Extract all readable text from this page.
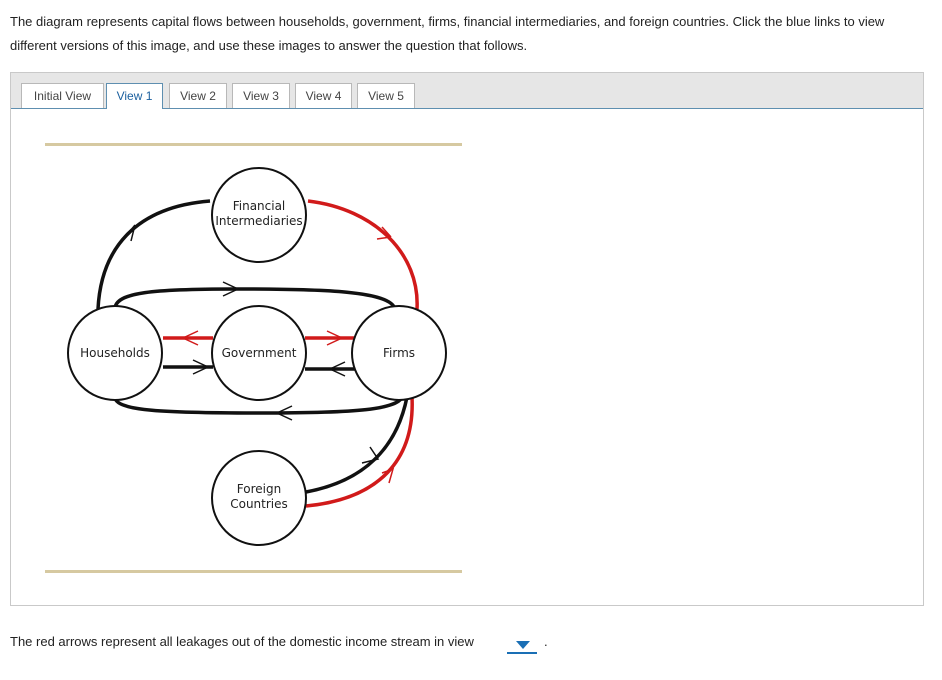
The diagram represents capital flows between households, government, firms, financial intermediaries, and foreign countries. Click the blue links to view different versions of this image, and use these images to answer the question that follows.

Initial View	View 1	View 2	View 3	View 4	View 5
Financial
Intermediaries
Households	Government	Firms
Foreign
Countries
The red arrows represent all leakages out of the domestic income stream in view	.
